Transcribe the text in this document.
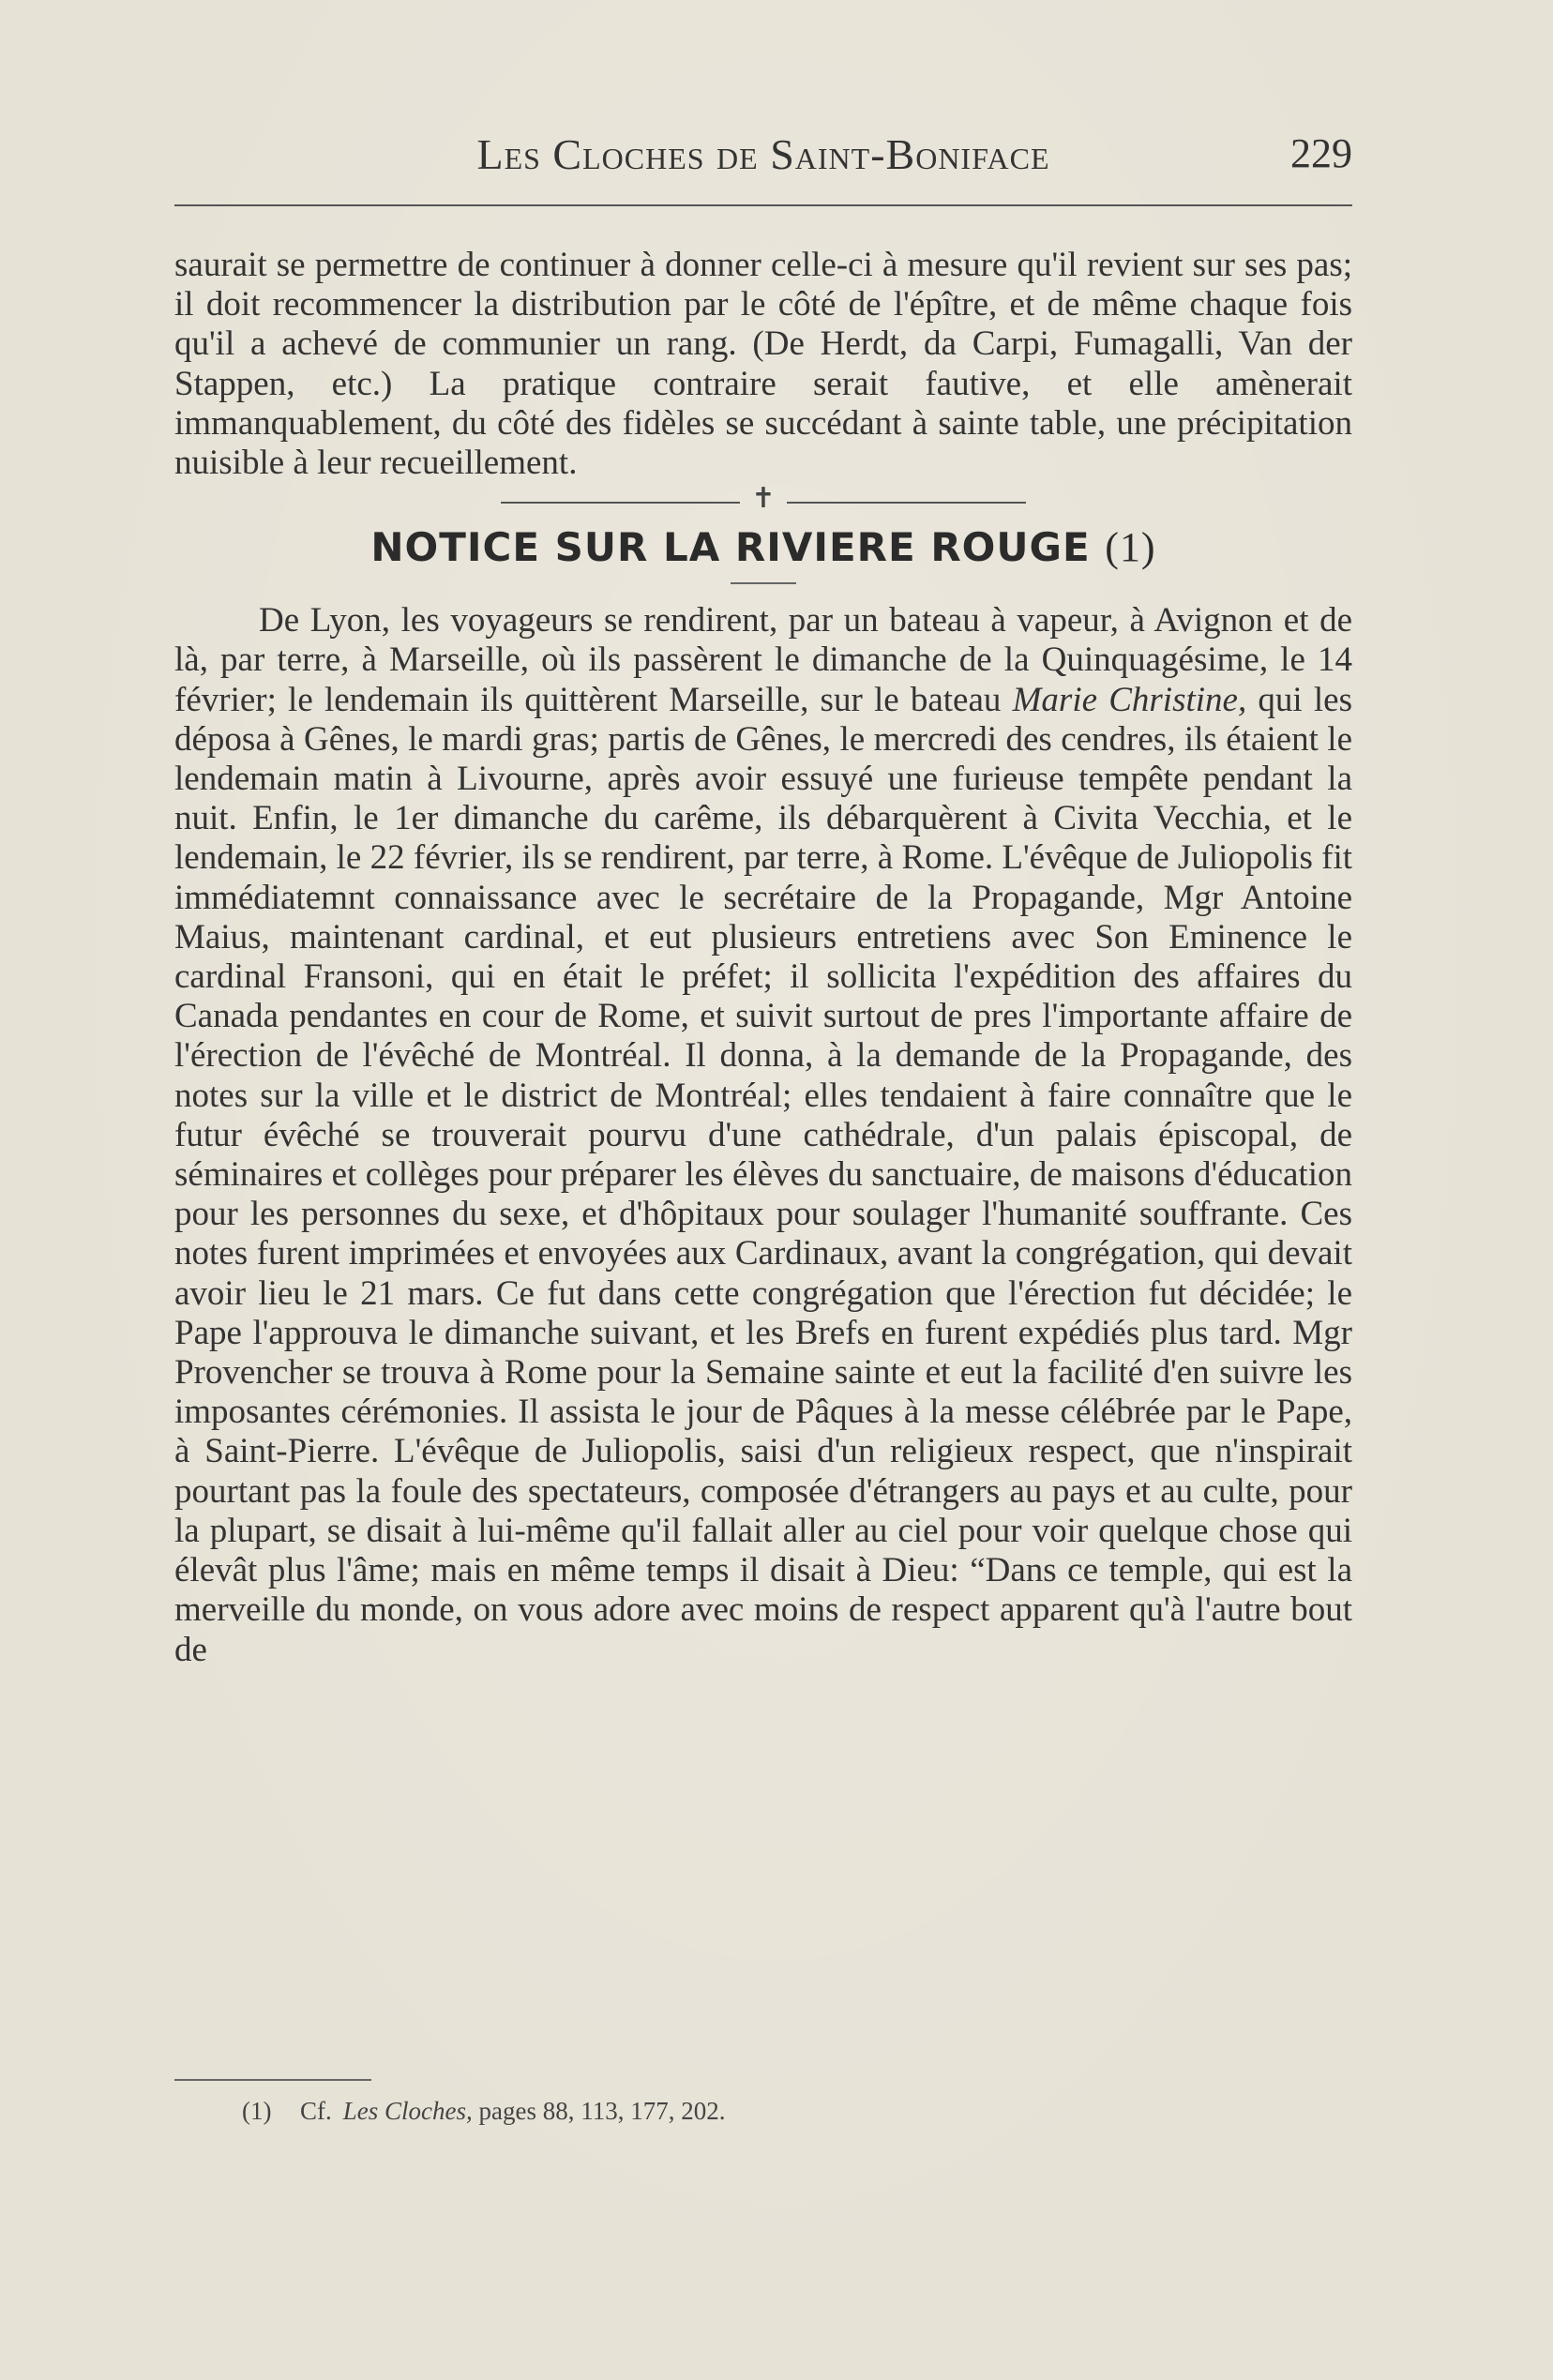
Les Cloches de Saint-Boniface	229

saurait se permettre de continuer à donner celle-ci à mesure qu'il revient sur ses pas; il doit recommencer la distribution par le côté de l'épître, et de même chaque fois qu'il a achevé de communier un rang. (De Herdt, da Carpi, Fumagalli, Van der Stappen, etc.) La pratique contraire serait fautive, et elle amènerait immanquablement, du côté des fidèles se succédant à sainte table, une précipitation nuisible à leur recueillement.

✝
NOTICE SUR LA RIVIERE ROUGE (1)

De Lyon, les voyageurs se rendirent, par un bateau à vapeur, à Avignon et de là, par terre, à Marseille, où ils passèrent le dimanche de la Quinquagésime, le 14 février; le lendemain ils quittèrent Marseille, sur le bateau Marie Christine, qui les déposa à Gênes, le mardi gras; partis de Gênes, le mercredi des cendres, ils étaient le lendemain matin à Livourne, après avoir essuyé une furieuse tempête pendant la nuit. Enfin, le 1er dimanche du carême, ils débarquèrent à Civita Vecchia, et le lendemain, le 22 février, ils se rendirent, par terre, à Rome. L'évêque de Juliopolis fit immédiatemnt connaissance avec le secrétaire de la Propagande, Mgr Antoine Maius, maintenant cardinal, et eut plusieurs entretiens avec Son Eminence le cardinal Fransoni, qui en était le préfet; il sollicita l'expédition des affaires du Canada pendantes en cour de Rome, et suivit surtout de pres l'importante affaire de l'érection de l'évêché de Montréal. Il donna, à la demande de la Propagande, des notes sur la ville et le district de Montréal; elles tendaient à faire connaître que le futur évêché se trouverait pourvu d'une cathédrale, d'un palais épiscopal, de séminaires et collèges pour préparer les élèves du sanctuaire, de maisons d'éducation pour les personnes du sexe, et d'hôpitaux pour soulager l'humanité souffrante. Ces notes furent imprimées et envoyées aux Cardinaux, avant la congrégation, qui devait avoir lieu le 21 mars. Ce fut dans cette congrégation que l'érection fut décidée; le Pape l'approuva le dimanche suivant, et les Brefs en furent expédiés plus tard. Mgr Provencher se trouva à Rome pour la Semaine sainte et eut la facilité d'en suivre les imposantes cérémonies. Il assista le jour de Pâques à la messe célébrée par le Pape, à Saint-Pierre. L'évêque de Juliopolis, saisi d'un religieux respect, que n'inspirait pourtant pas la foule des spectateurs, composée d'étrangers au pays et au culte, pour la plupart, se disait à lui-même qu'il fallait aller au ciel pour voir quelque chose qui élevât plus l'âme; mais en même temps il disait à Dieu: “Dans ce temple, qui est la merveille du monde, on vous adore avec moins de respect apparent qu'à l'autre bout de

(1) Cf. Les Cloches, pages 88, 113, 177, 202.
